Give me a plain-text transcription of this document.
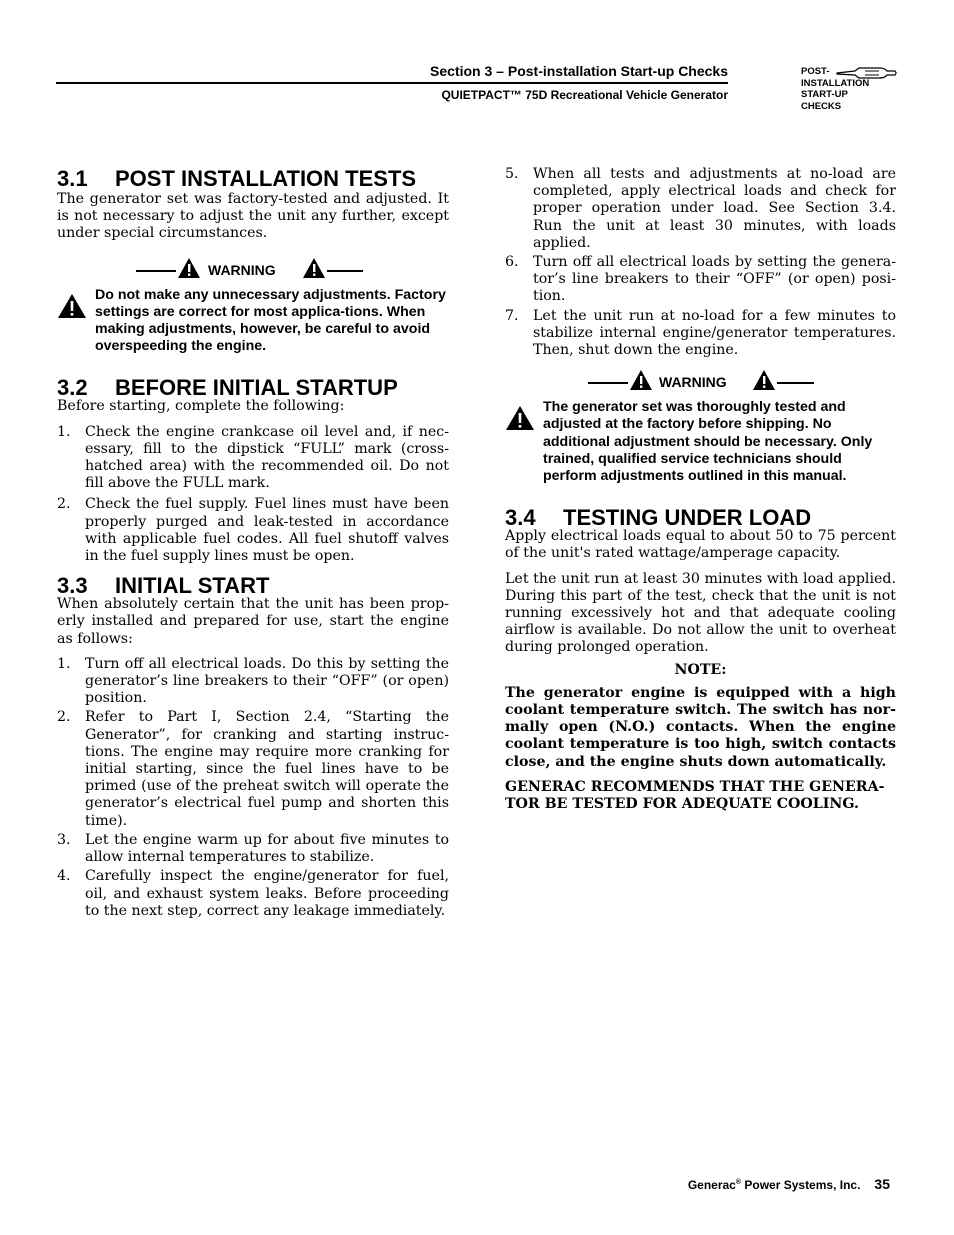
Section 3 – Post-installation Start-up Checks
QUIETPACT™ 75D Recreational Vehicle Generator
POST-
INSTALLATION
START-UP
CHECKS
3.1 POST INSTALLATION TESTS

The generator set was factory-tested and adjusted. It is not necessary to adjust the unit any further, except under special circumstances.

WARNING
Do not make any unnecessary adjustments. Factory settings are correct for most applica-tions. When making adjustments, however, be careful to avoid overspeeding the engine.
3.2 BEFORE INITIAL STARTUP

Before starting, complete the following:

1. Check the engine crankcase oil level and, if nec-essary, fill to the dipstick “FULL” mark (cross-hatched area) with the recommended oil. Do not fill above the FULL mark.
2. Check the fuel supply. Fuel lines must have been properly purged and leak-tested in accordance with applicable fuel codes. All fuel shutoff valves in the fuel supply lines must be open.
3.3 INITIAL START

When absolutely certain that the unit has been prop-erly installed and prepared for use, start the engine as follows:

1. Turn off all electrical loads. Do this by setting the generator’s line breakers to their “OFF” (or open) position.
2. Refer to Part I, Section 2.4, “Starting the Generator”, for cranking and starting instruc-tions. The engine may require more cranking for initial starting, since the fuel lines have to be primed (use of the preheat switch will operate the generator’s electrical fuel pump and shorten this time).
3. Let the engine warm up for about five minutes to allow internal temperatures to stabilize.
4. Carefully inspect the engine/generator for fuel, oil, and exhaust system leaks. Before proceeding to the next step, correct any leakage immediately.
5. When all tests and adjustments at no-load are completed, apply electrical loads and check for proper operation under load. See Section 3.4. Run the unit at least 30 minutes, with loads applied.
6. Turn off all electrical loads by setting the genera-tor’s line breakers to their “OFF” (or open) posi-tion.
7. Let the unit run at no-load for a few minutes to stabilize internal engine/generator temperatures. Then, shut down the engine.
WARNING
The generator set was thoroughly tested and adjusted at the factory before shipping. No additional adjustment should be necessary. Only trained, qualified service technicians should perform adjustments outlined in this manual.
3.4 TESTING UNDER LOAD

Apply electrical loads equal to about 50 to 75 percent of the unit's rated wattage/amperage capacity.

Let the unit run at least 30 minutes with load applied. During this part of the test, check that the unit is not running excessively hot and that adequate cooling airflow is available. Do not allow the unit to overheat during prolonged operation.

NOTE:

The generator engine is equipped with a high coolant temperature switch. The switch has nor-mally open (N.O.) contacts. When the engine coolant temperature is too high, switch contacts close, and the engine shuts down automatically.

GENERAC RECOMMENDS THAT THE GENERA-TOR BE TESTED FOR ADEQUATE COOLING.

Generac® Power Systems, Inc. 35
